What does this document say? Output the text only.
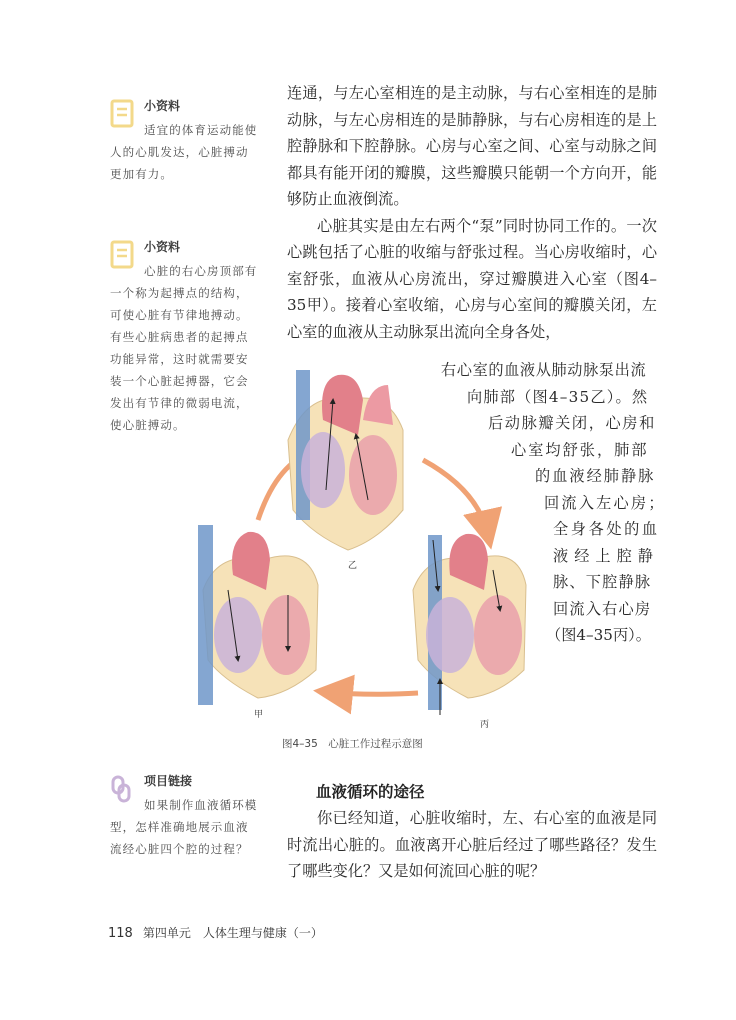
小资料
适宜的体育运动能使人的心肌发达，心脏搏动更加有力。
小资料
心脏的右心房顶部有一个称为起搏点的结构，可使心脏有节律地搏动。有些心脏病患者的起搏点功能异常，这时就需要安装一个心脏起搏器，它会发出有节律的微弱电流，使心脏搏动。
项目链接
如果制作血液循环模型，怎样准确地展示血液流经心脏四个腔的过程？

连通，与左心室相连的是主动脉，与右心室相连的是肺动脉，与左心房相连的是肺静脉，与右心房相连的是上腔静脉和下腔静脉。心房与心室之间、心室与动脉之间都具有能开闭的瓣膜，这些瓣膜只能朝一个方向开，能够防止血液倒流。

心脏其实是由左右两个“泵”同时协同工作的。一次心跳包括了心脏的收缩与舒张过程。当心房收缩时，心室舒张，血液从心房流出，穿过瓣膜进入心室（图4–35甲）。接着心室收缩，心房与心室间的瓣膜关闭，左心室的血液从主动脉泵出流向全身各处，

右心室的血液从肺动脉泵出流
向肺部（图4–35乙）。然
后动脉瓣关闭，心房和
心室均舒张，肺部
的血液经肺静脉
回流入左心房；
全身各处的血
液经上腔静
脉、下腔静脉
回流入右心房
（图4–35丙）。
乙
甲
丙
图4–35　心脏工作过程示意图
血液循环的途径

你已经知道，心脏收缩时，左、右心室的血液是同时流出心脏的。血液离开心脏后经过了哪些路径？发生了哪些变化？又是如何流回心脏的呢？

118 第四单元　人体生理与健康（一）
